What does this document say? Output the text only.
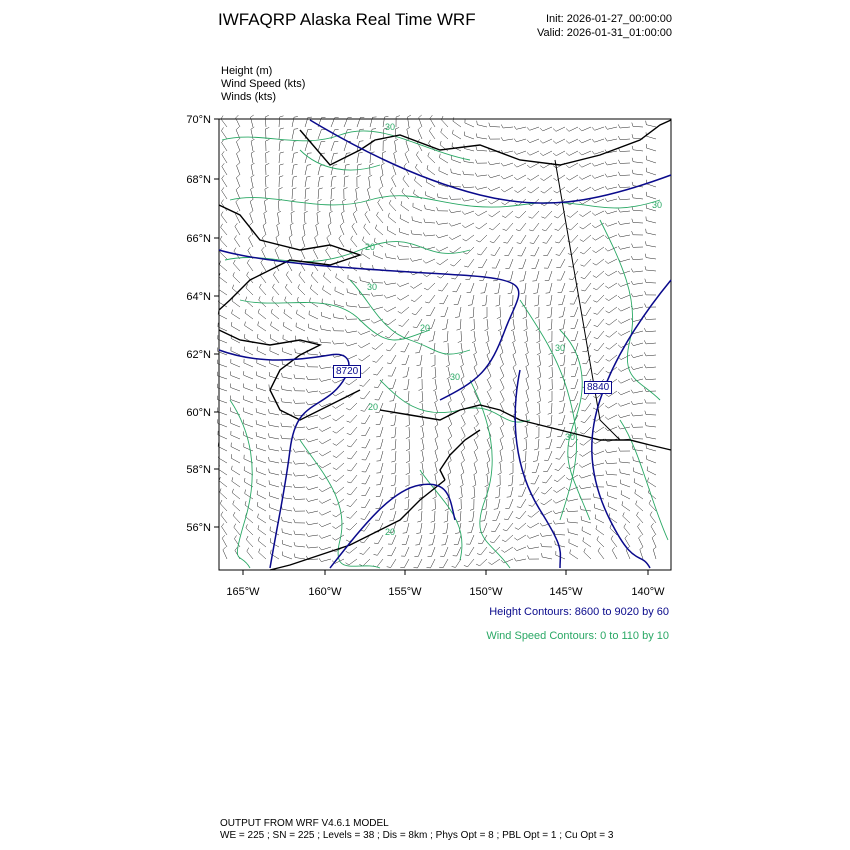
IWFAQRP Alaska Real Time WRF	Init: 2026-01-27_00:00:00
Valid: 2026-01-31_01:00:00
Height (m)
Wind Speed (kts)
Winds (kts)
70°N
68°N
66°N
64°N
62°N
60°N
58°N
56°N
165°W	160°W	155°W	150°W	145°W	140°W
8720
8840
30
20
30
20
30
30
20
30
20
30
Height Contours: 8600 to 9020 by 60
Wind Speed Contours: 0 to 110 by 10
OUTPUT FROM WRF V4.6.1 MODEL
WE = 225 ; SN = 225 ; Levels = 38 ; Dis = 8km ; Phys Opt = 8 ; PBL Opt = 1 ; Cu Opt = 3
